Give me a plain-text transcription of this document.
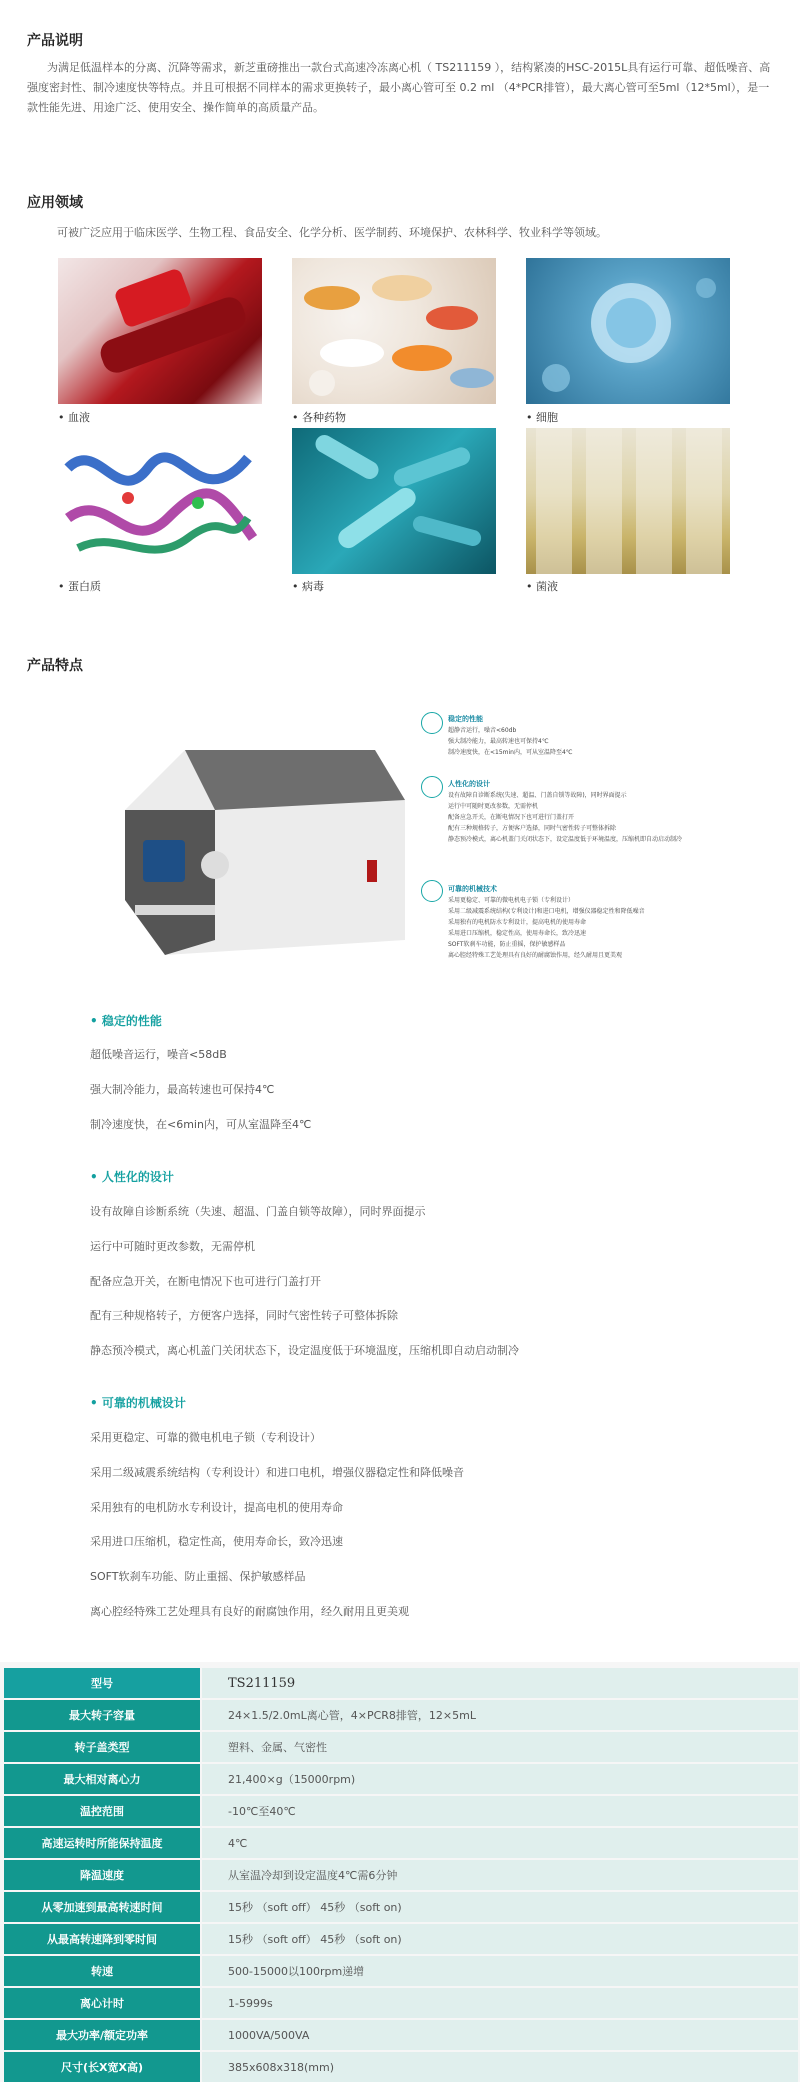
产品说明
为满足低温样本的分离、沉降等需求，新芝重磅推出一款台式高速冷冻离心机（ TS211159 ），结构紧凑的HSC-2015L具有运行可靠、超低噪音、高强度密封性、制冷速度快等特点。并且可根据不同样本的需求更换转子，最小离心管可至 0.2 ml （4*PCR排管），最大离心管可至5ml（12*5ml），是一款性能先进、用途广泛、使用安全、操作简单的高质量产品。
应用领域
可被广泛应用于临床医学、生物工程、食品安全、化学分析、医学制药、环境保护、农林科学、牧业科学等领域。
• 血液	• 各种药物	• 细胞
• 蛋白质	• 病毒	• 菌液
产品特点
稳定的性能
超静音运行，噪音<60db
强大制冷能力，最高转速也可保持4℃
制冷速度快，在<15min内，可从室温降至4℃
人性化的设计
设有故障自诊断系统(失速、超温、门盖自锁等故障)，同时界面提示
运行中可随时更改参数，无需停机
配备应急开关，在断电情况下也可进行门盖打开
配有三种规格转子，方便客户选择，同时气密性转子可整体拆除
静态预冷模式，离心机盖门关闭状态下，设定温度低于环境温度，压缩机即自动启动制冷
可靠的机械技术
采用更稳定、可靠的微电机电子锁（专利设计）
采用二级减震系统结构(专利设计)和进口电机，增强仪器稳定性和降低噪音
采用独有的电机防水专利设计，提高电机的使用寿命
采用进口压缩机，稳定性高，使用寿命长，致冷迅速
SOFT软刹车功能，防止重摇，保护敏感样品
离心腔经特殊工艺处理具有良好的耐腐蚀作用，经久耐用且更美观
• 稳定的性能
超低噪音运行，噪音<58dB
强大制冷能力，最高转速也可保持4℃
制冷速度快，在<6min内，可从室温降至4℃
• 人性化的设计
设有故障自诊断系统（失速、超温、门盖自锁等故障），同时界面提示
运行中可随时更改参数，无需停机
配备应急开关，在断电情况下也可进行门盖打开
配有三种规格转子，方便客户选择，同时气密性转子可整体拆除
静态预冷模式，离心机盖门关闭状态下，设定温度低于环境温度，压缩机即自动启动制冷
• 可靠的机械设计
采用更稳定、可靠的微电机电子锁（专利设计）
采用二级减震系统结构（专利设计）和进口电机，增强仪器稳定性和降低噪音
采用独有的电机防水专利设计，提高电机的使用寿命
采用进口压缩机，稳定性高，使用寿命长，致冷迅速
SOFT软刹车功能、防止重摇、保护敏感样品
离心腔经特殊工艺处理具有良好的耐腐蚀作用，经久耐用且更美观
型号	TS211159
最大转子容量	24×1.5/2.0mL离心管，4×PCR8排管，12×5mL
转子盖类型	塑料、金属、气密性
最大相对离心力	21,400×g（15000rpm)
温控范围	-10℃至40℃
高速运转时所能保持温度	4℃
降温速度	从室温冷却到设定温度4℃需6分钟
从零加速到最高转速时间	15秒 （soft off） 45秒 （soft on)
从最高转速降到零时间	15秒 （soft off） 45秒 （soft on)
转速	500-15000以100rpm递增
离心计时	1-5999s
最大功率/额定功率	1000VA/500VA
尺寸(长X宽X高)	385x608x318(mm)
